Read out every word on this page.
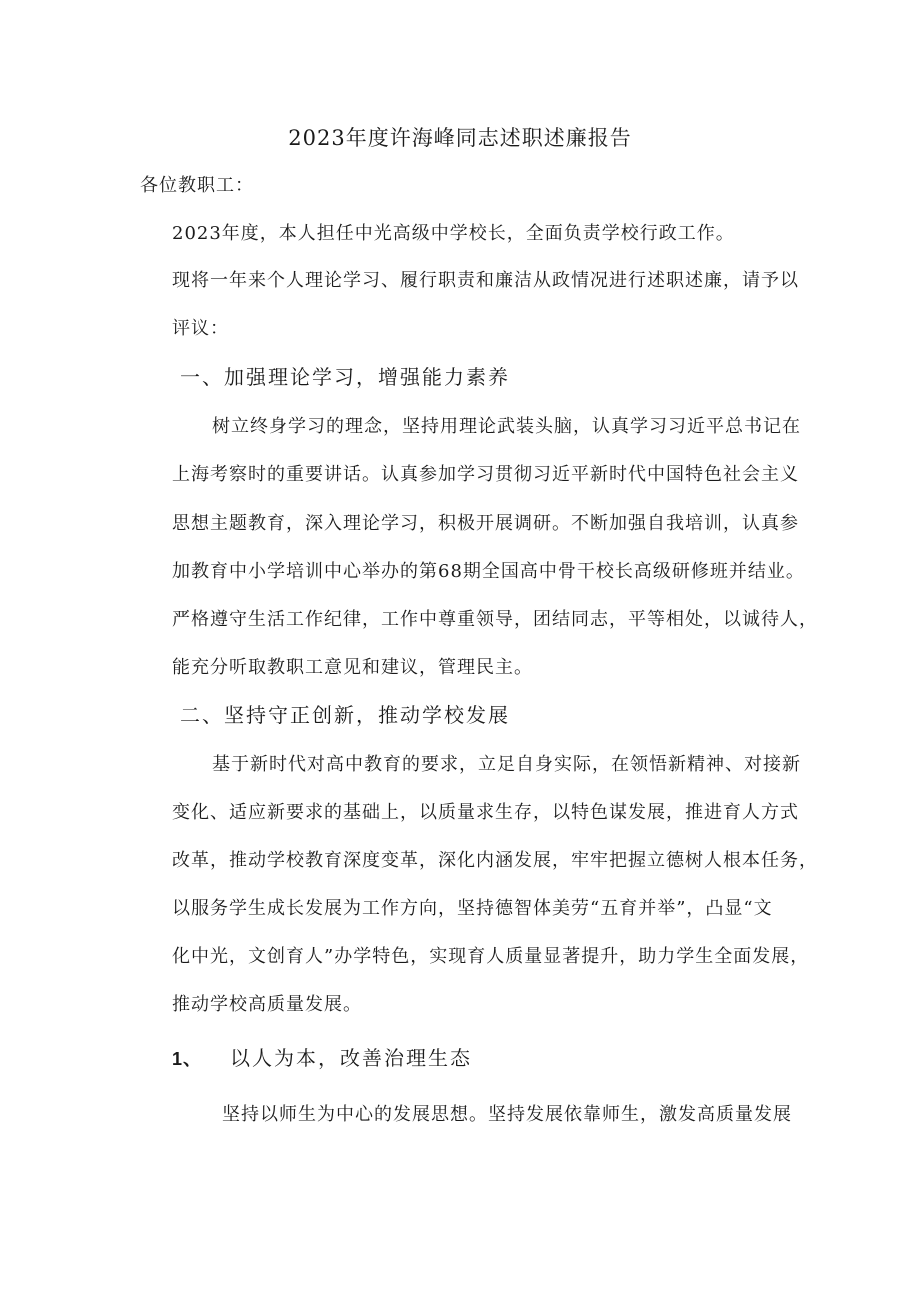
2023年度许海峰同志述职述廉报告
各位教职工：
2023年度，本人担任中光高级中学校长，全面负责学校行政工作。
现将一年来个人理论学习、履行职责和廉洁从政情况进行述职述廉，请予以
评议：
一、加强理论学习，增强能力素养
树立终身学习的理念，坚持用理论武装头脑，认真学习习近平总书记在
上海考察时的重要讲话。认真参加学习贯彻习近平新时代中国特色社会主义
思想主题教育，深入理论学习，积极开展调研。不断加强自我培训，认真参
加教育中小学培训中心举办的第68期全国高中骨干校长高级研修班并结业。
严格遵守生活工作纪律，工作中尊重领导，团结同志，平等相处，以诚待人，
能充分听取教职工意见和建议，管理民主。
二、坚持守正创新，推动学校发展
基于新时代对高中教育的要求，立足自身实际，在领悟新精神、对接新
变化、适应新要求的基础上，以质量求生存，以特色谋发展，推进育人方式
改革，推动学校教育深度变革，深化内涵发展，牢牢把握立德树人根本任务，
以服务学生成长发展为工作方向，坚持德智体美劳“五育并举”，凸显“文
化中光，文创育人”办学特色，实现育人质量显著提升，助力学生全面发展，
推动学校高质量发展。
1、 以人为本，改善治理生态
坚持以师生为中心的发展思想。坚持发展依靠师生，激发高质量发展
